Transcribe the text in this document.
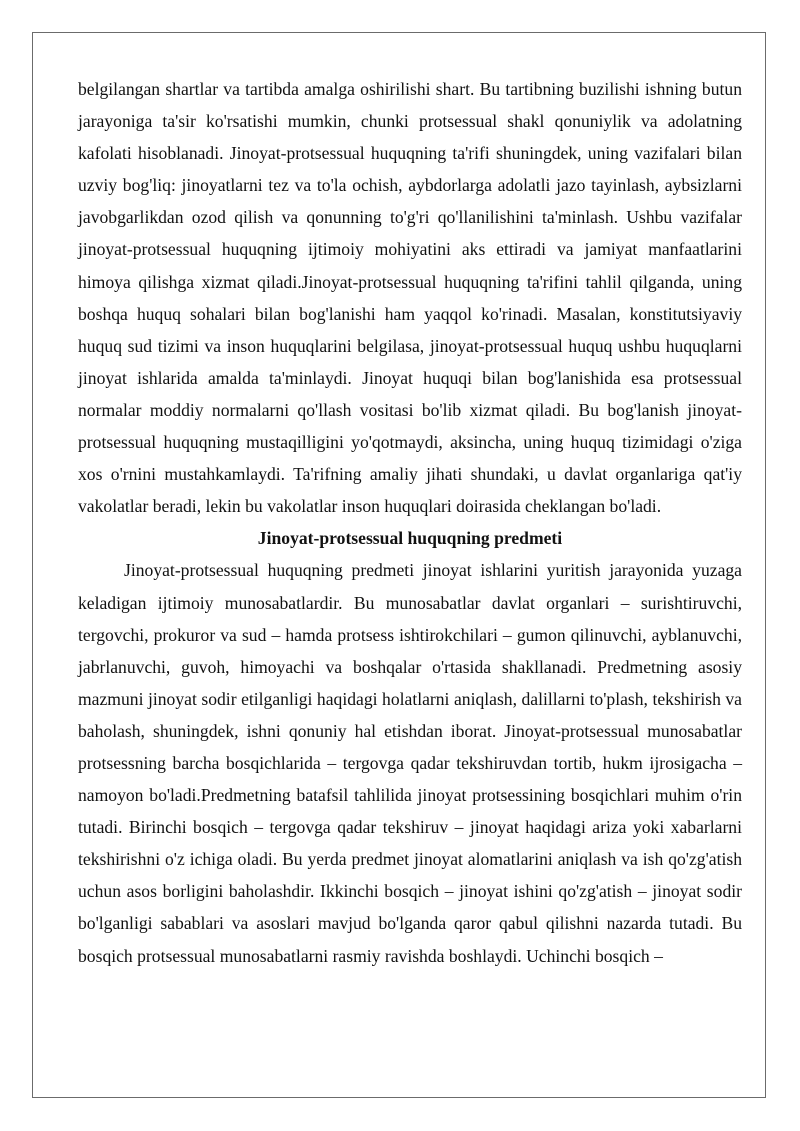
belgilangan shartlar va tartibda amalga oshirilishi shart. Bu tartibning buzilishi ishning butun jarayoniga ta'sir ko'rsatishi mumkin, chunki protsessual shakl qonuniylik va adolatning kafolati hisoblanadi. Jinoyat-protsessual huquqning ta'rifi shuningdek, uning vazifalari bilan uzviy bog'liq: jinoyatlarni tez va to'la ochish, aybdorlarga adolatli jazo tayinlash, aybsizlarni javobgarlikdan ozod qilish va qonunning to'g'ri qo'llanilishini ta'minlash. Ushbu vazifalar jinoyat-protsessual huquqning ijtimoiy mohiyatini aks ettiradi va jamiyat manfaatlarini himoya qilishga xizmat qiladi.Jinoyat-protsessual huquqning ta'rifini tahlil qilganda, uning boshqa huquq sohalari bilan bog'lanishi ham yaqqol ko'rinadi. Masalan, konstitutsiyaviy huquq sud tizimi va inson huquqlarini belgilasa, jinoyat-protsessual huquq ushbu huquqlarni jinoyat ishlarida amalda ta'minlaydi. Jinoyat huquqi bilan bog'lanishida esa protsessual normalar moddiy normalarni qo'llash vositasi bo'lib xizmat qiladi. Bu bog'lanish jinoyat-protsessual huquqning mustaqilligini yo'qotmaydi, aksincha, uning huquq tizimidagi o'ziga xos o'rnini mustahkamlaydi. Ta'rifning amaliy jihati shundaki, u davlat organlariga qat'iy vakolatlar beradi, lekin bu vakolatlar inson huquqlari doirasida cheklangan bo'ladi.

Jinoyat-protsessual huquqning predmeti

Jinoyat-protsessual huquqning predmeti jinoyat ishlarini yuritish jarayonida yuzaga keladigan ijtimoiy munosabatlardir. Bu munosabatlar davlat organlari – surishtiruvchi, tergovchi, prokuror va sud – hamda protsess ishtirokchilari – gumon qilinuvchi, ayblanuvchi, jabrlanuvchi, guvoh, himoyachi va boshqalar o'rtasida shakllanadi. Predmetning asosiy mazmuni jinoyat sodir etilganligi haqidagi holatlarni aniqlash, dalillarni to'plash, tekshirish va baholash, shuningdek, ishni qonuniy hal etishdan iborat. Jinoyat-protsessual munosabatlar protsessning barcha bosqichlarida – tergovga qadar tekshiruvdan tortib, hukm ijrosigacha – namoyon bo'ladi.Predmetning batafsil tahlilida jinoyat protsessining bosqichlari muhim o'rin tutadi. Birinchi bosqich – tergovga qadar tekshiruv – jinoyat haqidagi ariza yoki xabarlarni tekshirishni o'z ichiga oladi. Bu yerda predmet jinoyat alomatlarini aniqlash va ish qo'zg'atish uchun asos borligini baholashdir. Ikkinchi bosqich – jinoyat ishini qo'zg'atish – jinoyat sodir bo'lganligi sabablari va asoslari mavjud bo'lganda qaror qabul qilishni nazarda tutadi. Bu bosqich protsessual munosabatlarni rasmiy ravishda boshlaydi. Uchinchi bosqich –
